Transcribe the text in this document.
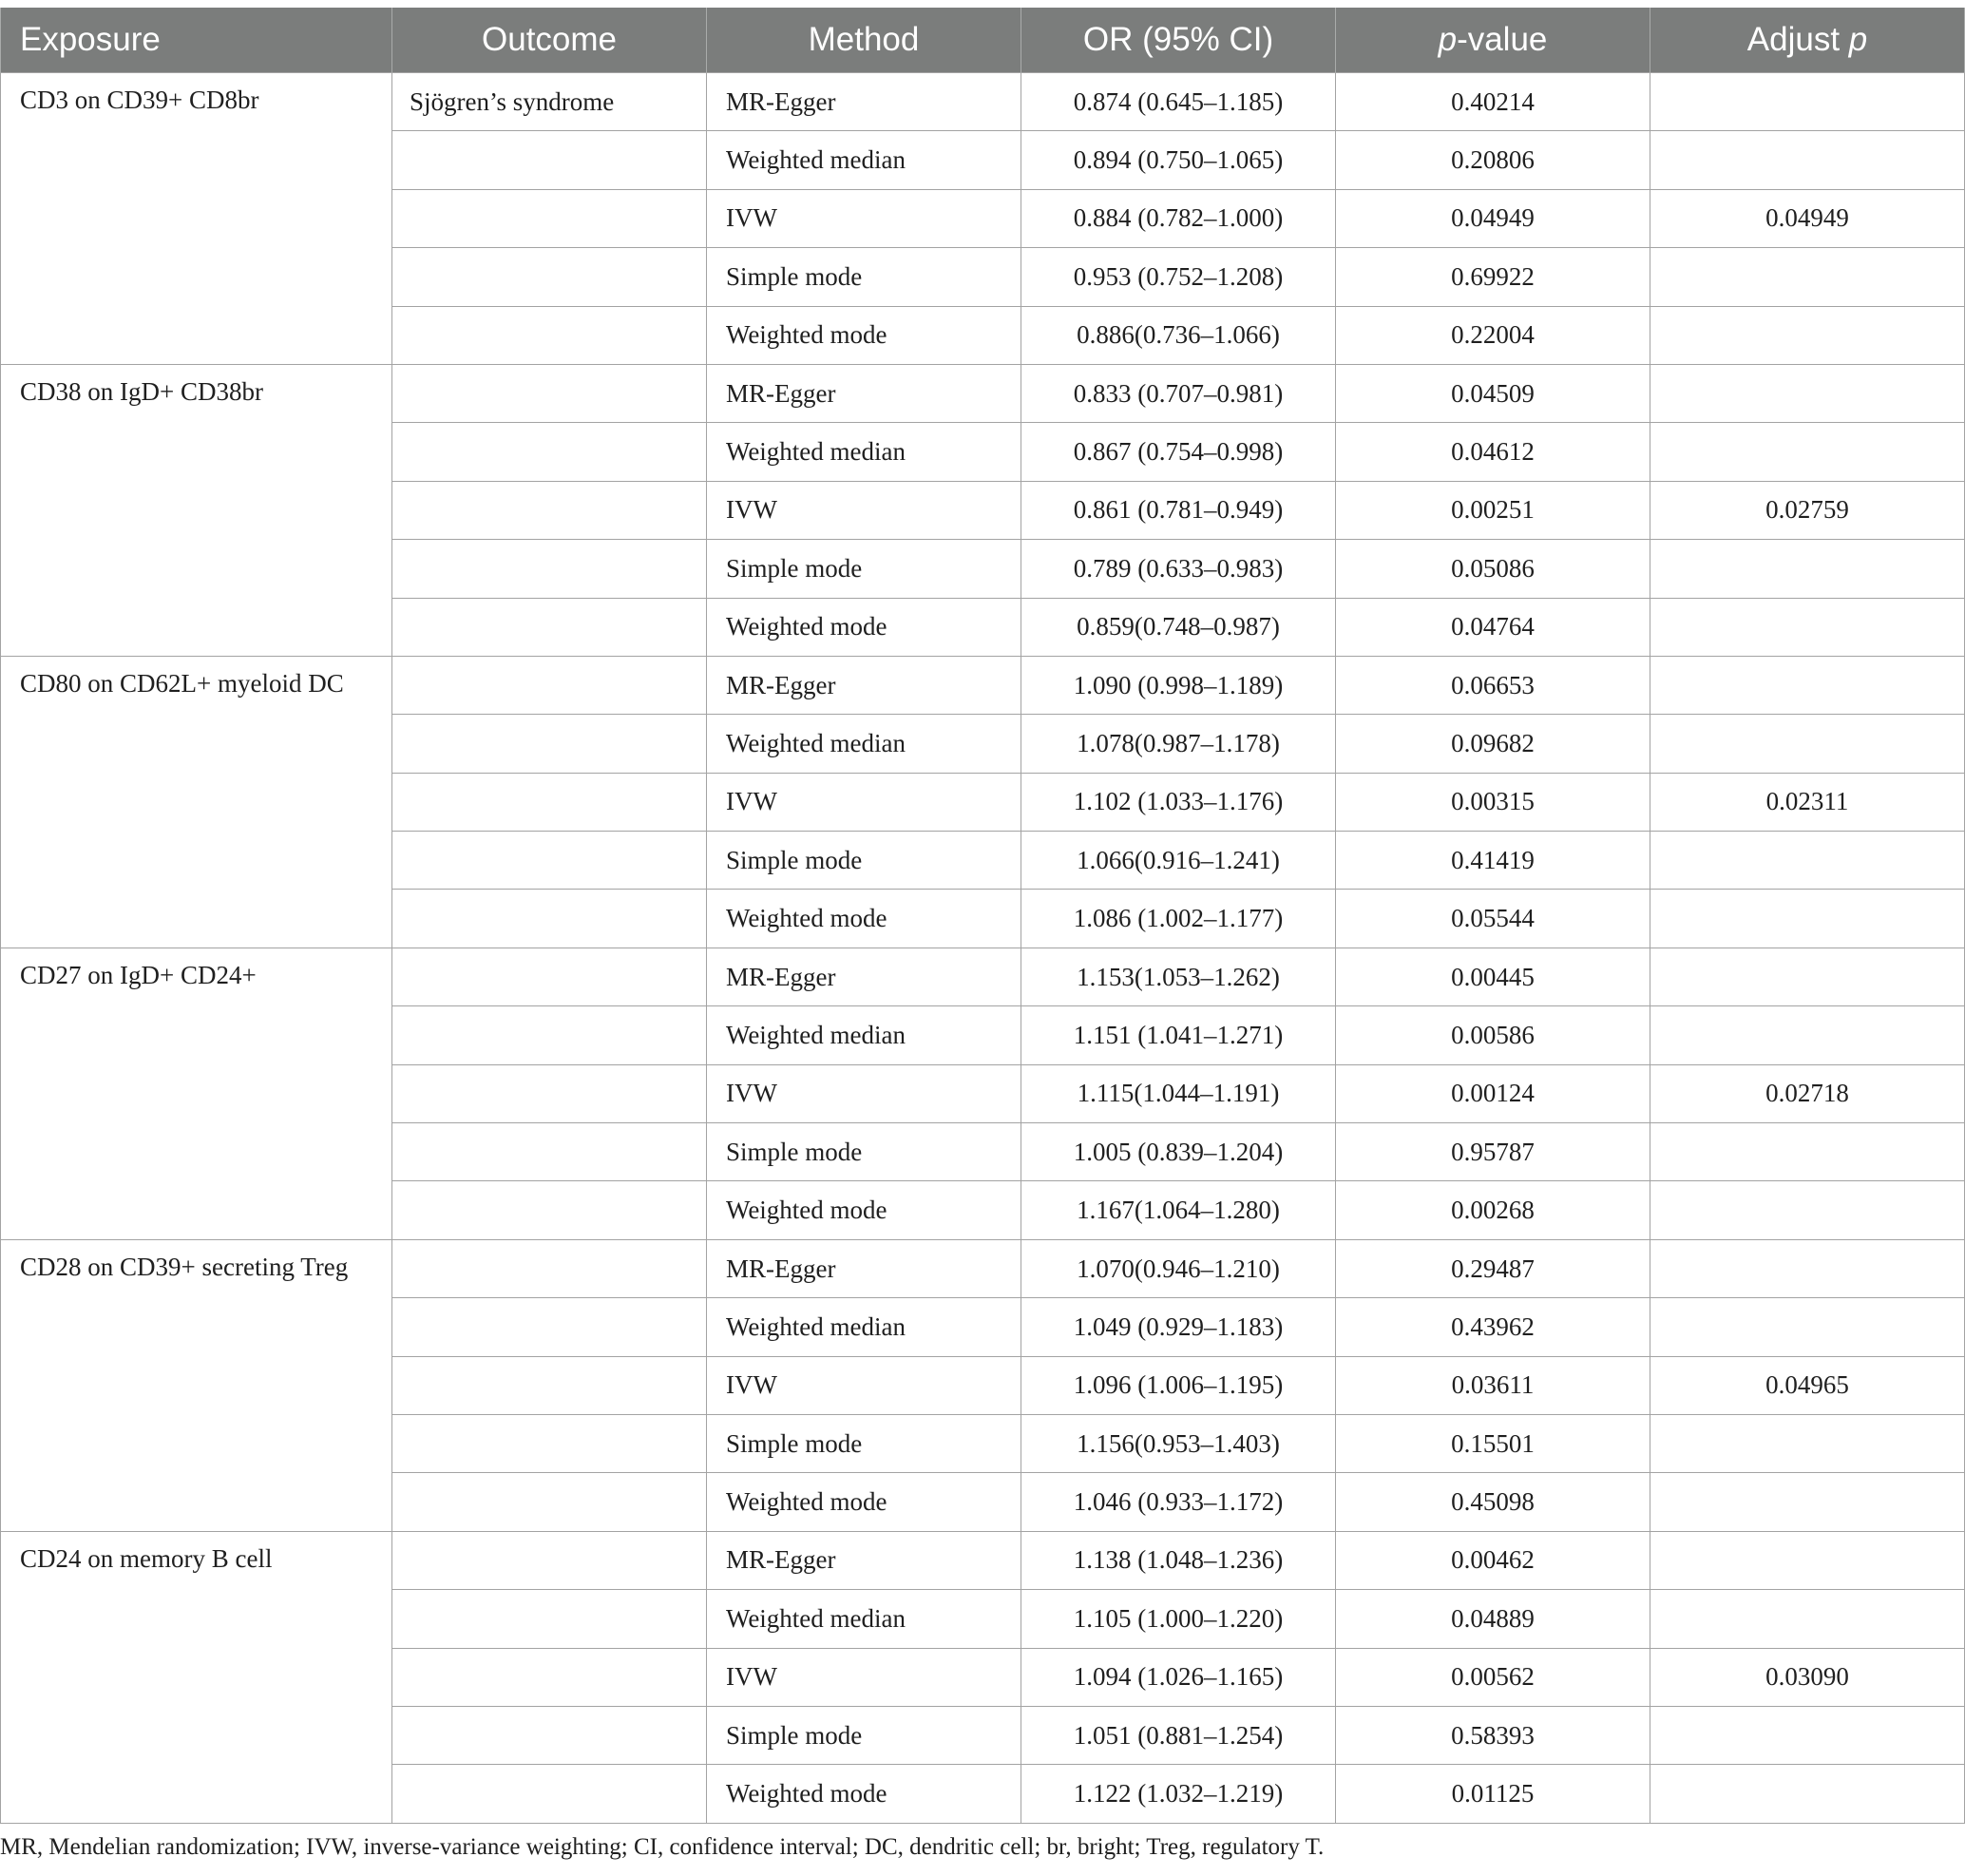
Exposure	Outcome	Method	OR (95% CI)	p-value	Adjust p
CD3 on CD39+ CD8br	Sjögren’s syndrome	MR-Egger	0.874 (0.645–1.185)	0.40214	
		Weighted median	0.894 (0.750–1.065)	0.20806	
		IVW	0.884 (0.782–1.000)	0.04949	0.04949
		Simple mode	0.953 (0.752–1.208)	0.69922	
		Weighted mode	0.886(0.736–1.066)	0.22004	
CD38 on IgD+ CD38br		MR-Egger	0.833 (0.707–0.981)	0.04509	
		Weighted median	0.867 (0.754–0.998)	0.04612	
		IVW	0.861 (0.781–0.949)	0.00251	0.02759
		Simple mode	0.789 (0.633–0.983)	0.05086	
		Weighted mode	0.859(0.748–0.987)	0.04764	
CD80 on CD62L+ myeloid DC		MR-Egger	1.090 (0.998–1.189)	0.06653	
		Weighted median	1.078(0.987–1.178)	0.09682	
		IVW	1.102 (1.033–1.176)	0.00315	0.02311
		Simple mode	1.066(0.916–1.241)	0.41419	
		Weighted mode	1.086 (1.002–1.177)	0.05544	
CD27 on IgD+ CD24+		MR-Egger	1.153(1.053–1.262)	0.00445	
		Weighted median	1.151 (1.041–1.271)	0.00586	
		IVW	1.115(1.044–1.191)	0.00124	0.02718
		Simple mode	1.005 (0.839–1.204)	0.95787	
		Weighted mode	1.167(1.064–1.280)	0.00268	
CD28 on CD39+ secreting Treg		MR-Egger	1.070(0.946–1.210)	0.29487	
		Weighted median	1.049 (0.929–1.183)	0.43962	
		IVW	1.096 (1.006–1.195)	0.03611	0.04965
		Simple mode	1.156(0.953–1.403)	0.15501	
		Weighted mode	1.046 (0.933–1.172)	0.45098	
CD24 on memory B cell		MR-Egger	1.138 (1.048–1.236)	0.00462	
		Weighted median	1.105 (1.000–1.220)	0.04889	
		IVW	1.094 (1.026–1.165)	0.00562	0.03090
		Simple mode	1.051 (0.881–1.254)	0.58393	
		Weighted mode	1.122 (1.032–1.219)	0.01125	
MR, Mendelian randomization; IVW, inverse-variance weighting; CI, confidence interval; DC, dendritic cell; br, bright; Treg, regulatory T.
